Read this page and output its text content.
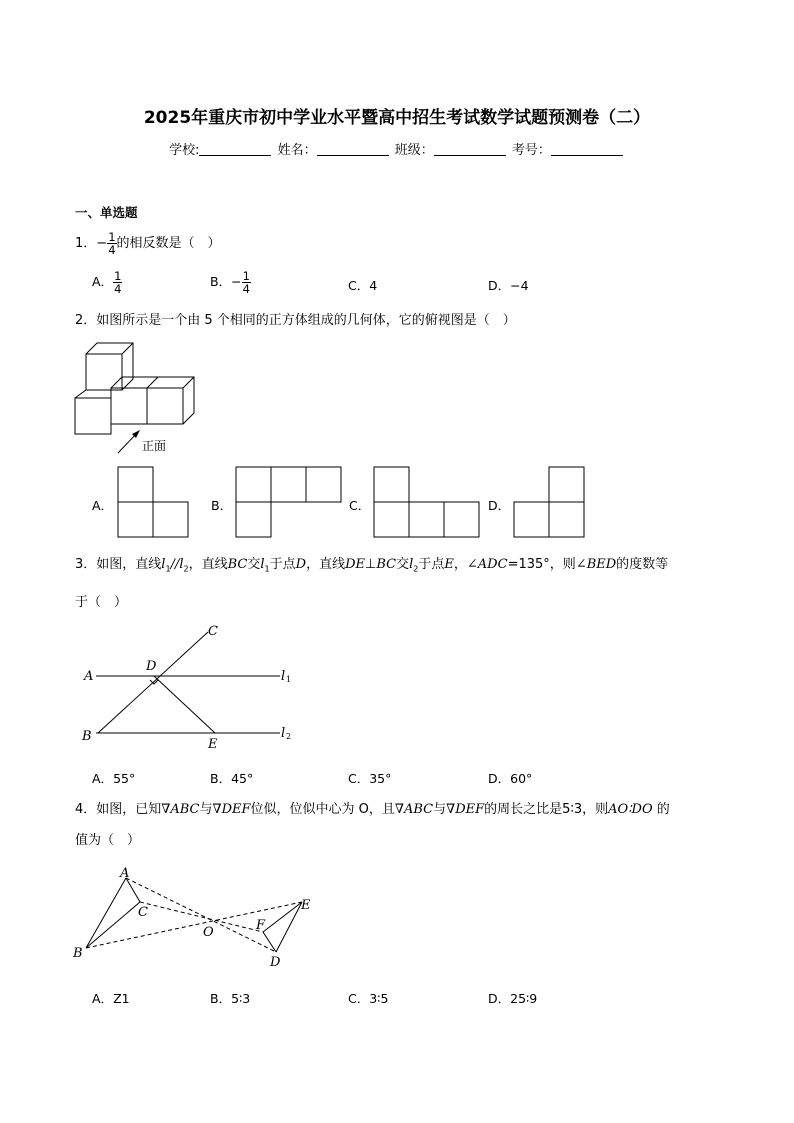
2025年重庆市初中学业水平暨高中招生考试数学试题预测卷（二）
学校:	姓名：	班级：	考号：
一、单选题
1．− $\frac{1}{4}$ 的相反数是（　）
A． $\frac{1}{4}$	B．− $\frac{1}{4}$	C．4	D．−4
2．如图所示是一个由 5 个相同的正方体组成的几何体，它的俯视图是（　）
正面
A．	B．	C．	D．
3．如图，直线$l_1//l_2$，直线BC交$l_1$于点D，直线DE⊥BC交$l_2$于点E，∠ADC=135°，则∠BED的度数等
于（　）
A
D
C
B
E
l
l
1
2
A．55°	B．45°	C．35°	D．60°
4．如图，已知∇ABC与∇DEF位似，位似中心为 O，且∇ABC与∇DEF的周长之比是5∶3，则AO∶DO 的
值为（　）
A
C
B
O	F
D
E
A．Z1	B．5∶3	C．3∶5	D．25∶9
